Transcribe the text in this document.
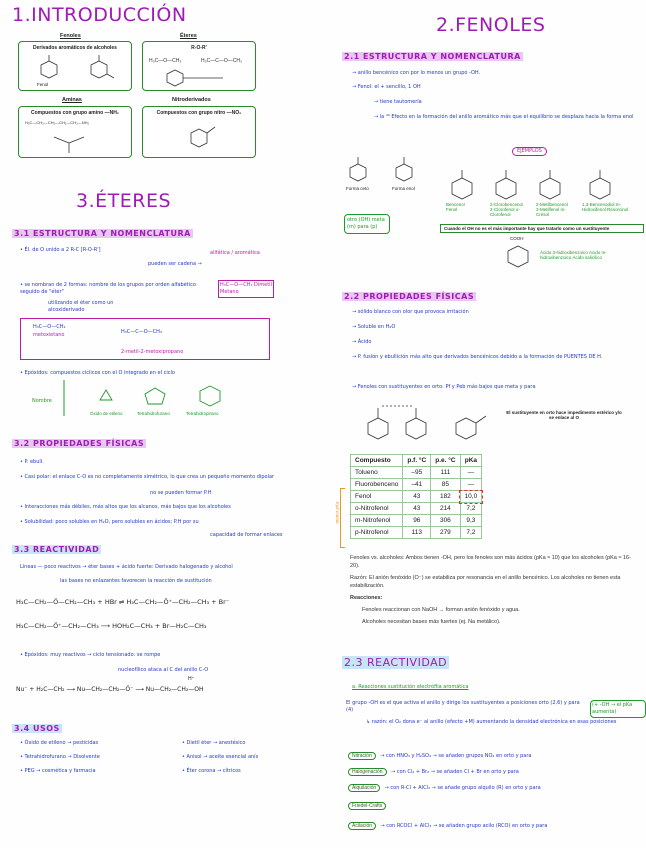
1.INTRODUCCIÓN
Fenoles
Derivados aromáticos de alcoholes
Fenol
Éteres
R-O-R'
H₃C—O—CH₃	H₃C—C—O—CH₃
Aminas
Compuestos con grupo amino —NH₂
H₃C—CH₂—CH₂—CH₂—CH₂—NH₂
Nitroderivados
Compuestos con grupo nitro —NO₂
3.ÉTERES
3.1 ESTRUCTURA Y NOMENCLATURA
• Él. de O unido a 2 R-C [R-O-R']
pueden ser cadena →
alifática / aromática
• se nombran de 2 formas: nombre de los grupos por orden alfabético seguido de "éter"
H₃C—O—CH₃ Dimetil Metano
utilizando el éter como un alcoxiderivado
H₃C—O—CH₂
metoxietano	H₃C—C—O—CH₃
2-metil-2-metoxipropano
• Epóxidos: compuestos cíclicos con el O integrado en el ciclo
Nombre
Óxido de etileno	Tetrahidrofurano	Tetrahidropirano
3.2 PROPIEDADES FÍSICAS
• P. ebull.
• Casi polar: el enlace C-O es no completamente simétrico, lo que crea un pequeño momento dipolar
no se pueden formar P.H
• Interacciones más débiles, más altos que los alcanos, más bajos que los alcoholes
• Solubilidad: poco solubles en H₂O, pero solubles en ácidos; P.H por su
capacidad de formar enlaces
3.3 REACTIVIDAD
Líneas — poco reactivos → éter bases + ácido fuerte: Derivado halogenado y alcohol
las bases no enlazantes favorecen la reacción de sustitución
H₃C—CH₂—Ö—CH₂—CH₃ + HBr ⇌ H₃C—CH₂—Ö⁺—CH₂—CH₃ + Br⁻
H₃C—CH₂—Ö⁺—CH₂—CH₃ ⟶ HOH₂C—CH₃ + Br—H₂C—CH₃
• Epóxidos: muy reactivos → ciclo tensionado: se rompe
nucleofílico ataca al C del anillo C-O
H⁺
Nu⁻ + H₂C—CH₂ ⟶ Nu—CH₂—CH₂—Ö⁻ ⟶ Nu—CH₂—CH₂—OH
3.4 USOS
• Óxido de etileno → pesticidas
• Tetrahidrofurano → Disolvente
• PEG → cosmética y farmacia
• Dietil éter → anestésico
• Anisol → aceite esencial anís
• Éter corona → cítricos
2.FENOLES
2.1 ESTRUCTURA Y NOMENCLATURA
→ anillo bencénico con por lo menos un grupo -OH.
→ Fenol: el + sencillo, 1 OH
→ tiene tautomería
→ la ⁴⁰ Efecto en la formación del anillo aromático más que el equilibrio se desplaza hacia la forma enol
EJEMPLOS
Forma ceto	Forma enol
otro (OH) meta (m) para (p)
Benceno! Fenol
2-Clorobenceno! 2-Clorofenol o-Clorofenol
2-Metilbencenol 3-Metilfenol m-Cresol
1,3-Bencenodiol m-Hidroxifenol Resorcinol
Cuando el OH no es el más importante hay que tratarlo como un sustituyente
COOH
Ácido 3-hidroxibenzoico Ácido m-hidroxibenzoico Ácido salicílico
2.2 PROPIEDADES FÍSICAS
→ sólido blanco con olor que provoca irritación
→ Soluble en H₂O
→ Ácido
→ P. fusión y ebullición más alto que derivados bencénicos debido a la formación de PUENTES DE H.
→ Fenoles con sustituyentes en orto: Pf y Peb más bajos que meta y para
El sustituyente en orto hace impedimento estérico y/o se enlace al O
Compuesto	p.f. °C	p.e. °C	pKa
Tolueno	–95	111	—
Fluorobenceno	–41	85	—
Fenol	43	182	10,0
o-Nitrofenol	43	214	7,2
m-Nitrofenol	96	306	9,3
p-Nitrofenol	113	279	7,2
menor pKa
Fenoles vs. alcoholes: Ambos tienen -OH, pero los fenoles son más ácidos (pKa ≈ 10) que los alcoholes (pKa ≈ 16-20).
Razón: El anión fenóxido (O⁻) se estabiliza por resonancia en el anillo bencénico. Los alcoholes no tienen esta estabilización.
Reacciones:
Fenoles reaccionan con NaOH → forman anión fenóxido y agua.
Alcoholes necesitan bases más fuertes (ej. Na metálico).
2.3 REACTIVIDAD
a. Reacciones sustitución electrófila aromática
El grupo -OH es el que activa el anillo y dirige los sustituyentes a posiciones orto (2,6) y para (4)
(+ -OH → el pKa aumenta)
↳ razón: el O₂ dona e⁻ al anillo (efecto +M) aumentando la densidad electrónica en esas posiciones
Nitración → con HNO₃ y H₂SO₄ → se añaden grupos NO₂ en orto y para
Halogenación → con Cl₂ + Br₂ → se añaden Cl + Br en orto y para
Alquilación → con R-Cl + AlCl₃ → se añade grupo alquilo (R) en orto y para
Friedel-Crafts
Acilación → con RCOCl + AlCl₃ → se añaden grupo acilo (RCO) en orto y para
